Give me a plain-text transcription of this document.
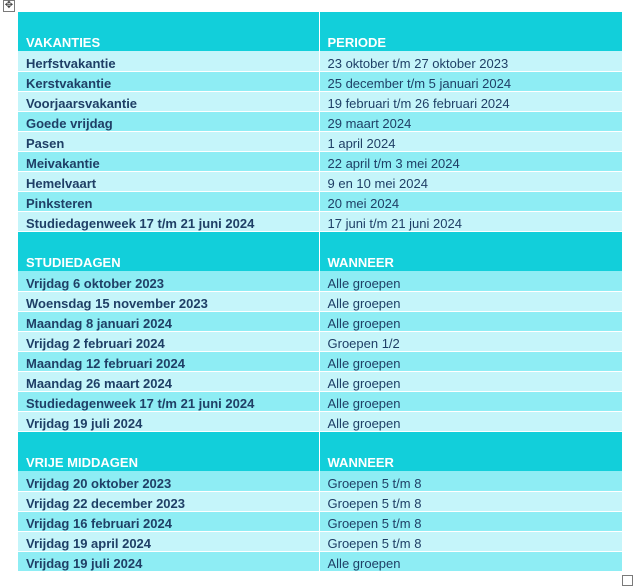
✥
VAKANTIES	PERIODE
Herfstvakantie	23 oktober t/m 27 oktober 2023
Kerstvakantie	25 december t/m 5 januari 2024
Voorjaarsvakantie	19 februari t/m 26 februari 2024
Goede vrijdag	29 maart 2024
Pasen	1 april 2024
Meivakantie	22 april t/m 3 mei 2024
Hemelvaart	9 en 10 mei 2024
Pinksteren	20 mei 2024
Studiedagenweek 17 t/m 21 juni 2024	17 juni t/m 21 juni 2024
STUDIEDAGEN	WANNEER
Vrijdag 6 oktober 2023	Alle groepen
Woensdag 15 november 2023	Alle groepen
Maandag 8 januari 2024	Alle groepen
Vrijdag 2 februari 2024	Groepen 1/2
Maandag 12 februari 2024	Alle groepen
Maandag 26 maart 2024	Alle groepen
Studiedagenweek 17 t/m 21 juni 2024	Alle groepen
Vrijdag 19 juli 2024	Alle groepen
VRIJE MIDDAGEN	WANNEER
Vrijdag 20 oktober 2023	Groepen 5 t/m 8
Vrijdag 22 december 2023	Groepen 5 t/m 8
Vrijdag 16 februari 2024	Groepen 5 t/m 8
Vrijdag 19 april 2024	Groepen 5 t/m 8
Vrijdag 19 juli 2024	Alle groepen
